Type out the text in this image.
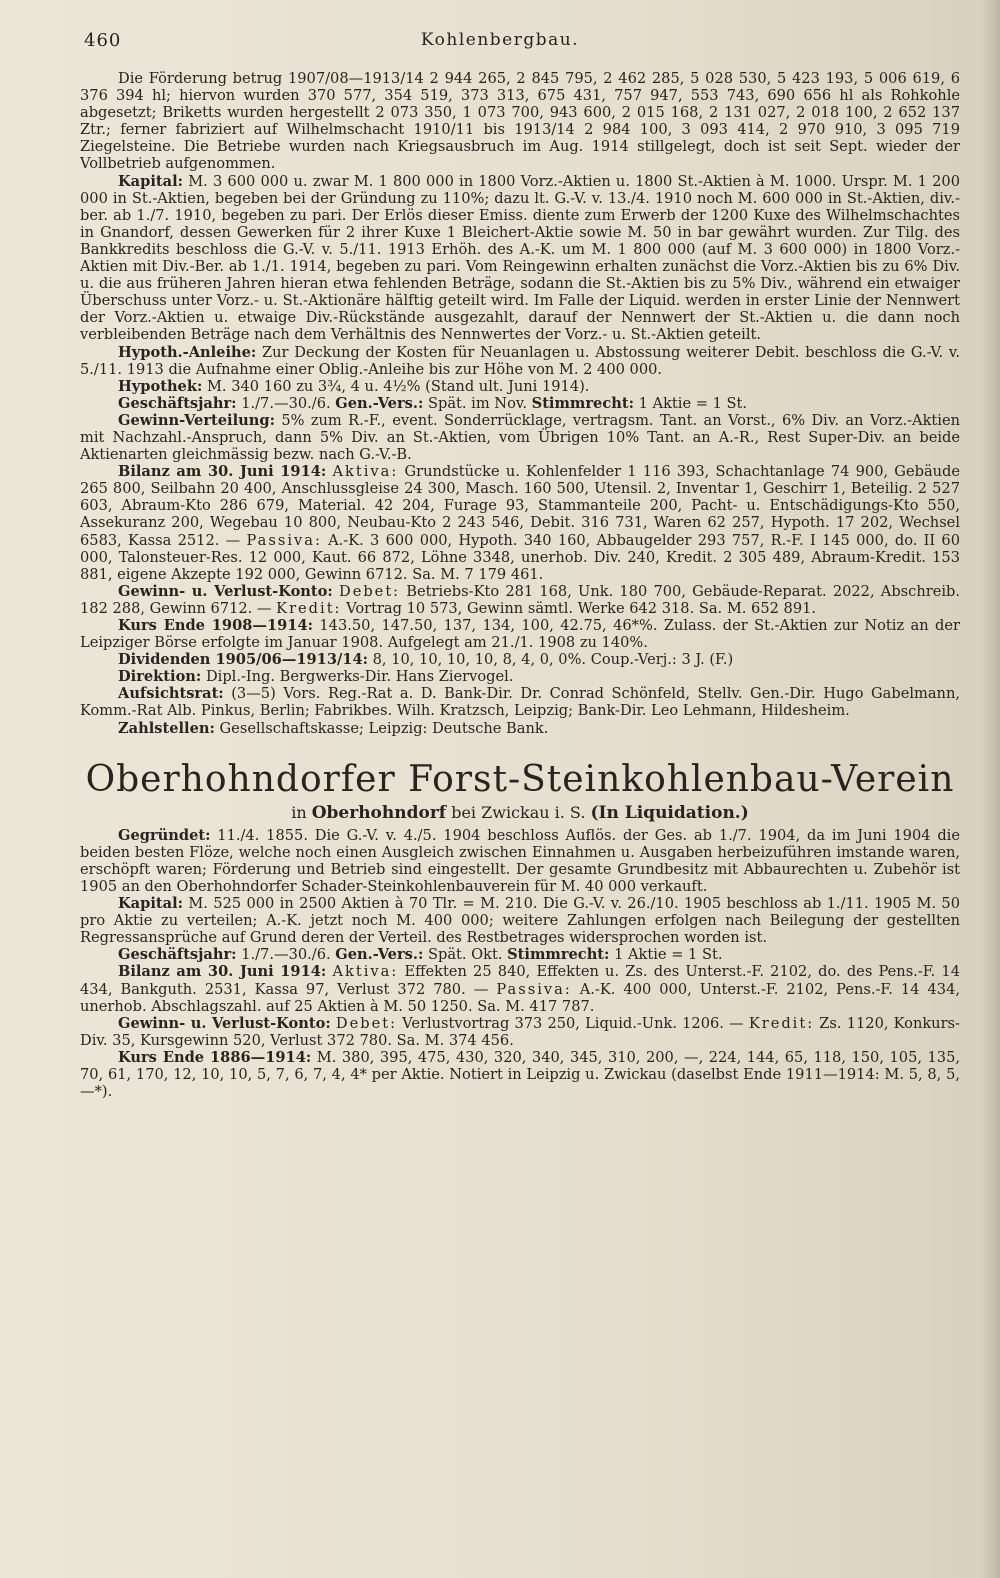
460	Kohlenbergbau.

Die Förderung betrug 1907/08—1913/14 2 944 265, 2 845 795, 2 462 285, 5 028 530, 5 423 193, 5 006 619, 6 376 394 hl; hiervon wurden 370 577, 354 519, 373 313, 675 431, 757 947, 553 743, 690 656 hl als Rohkohle abgesetzt; Briketts wurden hergestellt 2 073 350, 1 073 700, 943 600, 2 015 168, 2 131 027, 2 018 100, 2 652 137 Ztr.; ferner fabriziert auf Wilhelmschacht 1910/11 bis 1913/14 2 984 100, 3 093 414, 2 970 910, 3 095 719 Ziegelsteine. Die Betriebe wurden nach Kriegsausbruch im Aug. 1914 stillgelegt, doch ist seit Sept. wieder der Vollbetrieb aufgenommen.

Kapital: M. 3 600 000 u. zwar M. 1 800 000 in 1800 Vorz.-Aktien u. 1800 St.-Aktien à M. 1000. Urspr. M. 1 200 000 in St.-Aktien, begeben bei der Gründung zu 110%; dazu lt. G.-V. v. 13./4. 1910 noch M. 600 000 in St.-Aktien, div.-ber. ab 1./7. 1910, begeben zu pari. Der Erlös dieser Emiss. diente zum Erwerb der 1200 Kuxe des Wilhelmschachtes in Gnandorf, dessen Gewerken für 2 ihrer Kuxe 1 Bleichert-Aktie sowie M. 50 in bar gewährt wurden. Zur Tilg. des Bankkredits beschloss die G.-V. v. 5./11. 1913 Erhöh. des A.-K. um M. 1 800 000 (auf M. 3 600 000) in 1800 Vorz.-Aktien mit Div.-Ber. ab 1./1. 1914, begeben zu pari. Vom Reingewinn erhalten zunächst die Vorz.-Aktien bis zu 6% Div. u. die aus früheren Jahren hieran etwa fehlenden Beträge, sodann die St.-Aktien bis zu 5% Div., während ein etwaiger Überschuss unter Vorz.- u. St.-Aktionäre hälftig geteilt wird. Im Falle der Liquid. werden in erster Linie der Nennwert der Vorz.-Aktien u. etwaige Div.-Rückstände ausgezahlt, darauf der Nennwert der St.-Aktien u. die dann noch verbleibenden Beträge nach dem Verhältnis des Nennwertes der Vorz.- u. St.-Aktien geteilt.

Hypoth.-Anleihe: Zur Deckung der Kosten für Neuanlagen u. Abstossung weiterer Debit. beschloss die G.-V. v. 5./11. 1913 die Aufnahme einer Oblig.-Anleihe bis zur Höhe von M. 2 400 000.

Hypothek: M. 340 160 zu 3¾, 4 u. 4½% (Stand ult. Juni 1914).

Geschäftsjahr: 1./7.—30./6. Gen.-Vers.: Spät. im Nov. Stimmrecht: 1 Aktie = 1 St.

Gewinn-Verteilung: 5% zum R.-F., event. Sonderrücklage, vertragsm. Tant. an Vorst., 6% Div. an Vorz.-Aktien mit Nachzahl.-Anspruch, dann 5% Div. an St.-Aktien, vom Übrigen 10% Tant. an A.-R., Rest Super-Div. an beide Aktienarten gleichmässig bezw. nach G.-V.-B.

Bilanz am 30. Juni 1914: Aktiva: Grundstücke u. Kohlenfelder 1 116 393, Schachtanlage 74 900, Gebäude 265 800, Seilbahn 20 400, Anschlussgleise 24 300, Masch. 160 500, Utensil. 2, Inventar 1, Geschirr 1, Beteilig. 2 527 603, Abraum-Kto 286 679, Material. 42 204, Furage 93, Stammanteile 200, Pacht- u. Entschädigungs-Kto 550, Assekuranz 200, Wegebau 10 800, Neubau-Kto 2 243 546, Debit. 316 731, Waren 62 257, Hypoth. 17 202, Wechsel 6583, Kassa 2512. — Passiva: A.-K. 3 600 000, Hypoth. 340 160, Abbaugelder 293 757, R.-F. I 145 000, do. II 60 000, Talonsteuer-Res. 12 000, Kaut. 66 872, Löhne 3348, unerhob. Div. 240, Kredit. 2 305 489, Abraum-Kredit. 153 881, eigene Akzepte 192 000, Gewinn 6712. Sa. M. 7 179 461.

Gewinn- u. Verlust-Konto: Debet: Betriebs-Kto 281 168, Unk. 180 700, Gebäude-Reparat. 2022, Abschreib. 182 288, Gewinn 6712. — Kredit: Vortrag 10 573, Gewinn sämtl. Werke 642 318. Sa. M. 652 891.

Kurs Ende 1908—1914: 143.50, 147.50, 137, 134, 100, 42.75, 46*%. Zulass. der St.-Aktien zur Notiz an der Leipziger Börse erfolgte im Januar 1908. Aufgelegt am 21./1. 1908 zu 140%.

Dividenden 1905/06—1913/14: 8, 10, 10, 10, 10, 8, 4, 0, 0%. Coup.-Verj.: 3 J. (F.)

Direktion: Dipl.-Ing. Bergwerks-Dir. Hans Ziervogel.

Aufsichtsrat: (3—5) Vors. Reg.-Rat a. D. Bank-Dir. Dr. Conrad Schönfeld, Stellv. Gen.-Dir. Hugo Gabelmann, Komm.-Rat Alb. Pinkus, Berlin; Fabrikbes. Wilh. Kratzsch, Leipzig; Bank-Dir. Leo Lehmann, Hildesheim.

Zahlstellen: Gesellschaftskasse; Leipzig: Deutsche Bank.

Oberhohndorfer Forst-Steinkohlenbau-Verein

in Oberhohndorf bei Zwickau i. S. (In Liquidation.)

Gegründet: 11./4. 1855. Die G.-V. v. 4./5. 1904 beschloss Auflös. der Ges. ab 1./7. 1904, da im Juni 1904 die beiden besten Flöze, welche noch einen Ausgleich zwischen Einnahmen u. Ausgaben herbeizuführen imstande waren, erschöpft waren; Förderung und Betrieb sind eingestellt. Der gesamte Grundbesitz mit Abbaurechten u. Zubehör ist 1905 an den Oberhohndorfer Schader-Steinkohlenbauverein für M. 40 000 verkauft.

Kapital: M. 525 000 in 2500 Aktien à 70 Tlr. = M. 210. Die G.-V. v. 26./10. 1905 beschloss ab 1./11. 1905 M. 50 pro Aktie zu verteilen; A.-K. jetzt noch M. 400 000; weitere Zahlungen erfolgen nach Beilegung der gestellten Regressansprüche auf Grund deren der Verteil. des Restbetrages widersprochen worden ist.

Geschäftsjahr: 1./7.—30./6. Gen.-Vers.: Spät. Okt. Stimmrecht: 1 Aktie = 1 St.

Bilanz am 30. Juni 1914: Aktiva: Effekten 25 840, Effekten u. Zs. des Unterst.-F. 2102, do. des Pens.-F. 14 434, Bankguth. 2531, Kassa 97, Verlust 372 780. — Passiva: A.-K. 400 000, Unterst.-F. 2102, Pens.-F. 14 434, unerhob. Abschlagszahl. auf 25 Aktien à M. 50 1250. Sa. M. 417 787.

Gewinn- u. Verlust-Konto: Debet: Verlustvortrag 373 250, Liquid.-Unk. 1206. — Kredit: Zs. 1120, Konkurs-Div. 35, Kursgewinn 520, Verlust 372 780. Sa. M. 374 456.

Kurs Ende 1886—1914: M. 380, 395, 475, 430, 320, 340, 345, 310, 200, —, 224, 144, 65, 118, 150, 105, 135, 70, 61, 170, 12, 10, 10, 5, 7, 6, 7, 4, 4* per Aktie. Notiert in Leipzig u. Zwickau (daselbst Ende 1911—1914: M. 5, 8, 5, —*).
